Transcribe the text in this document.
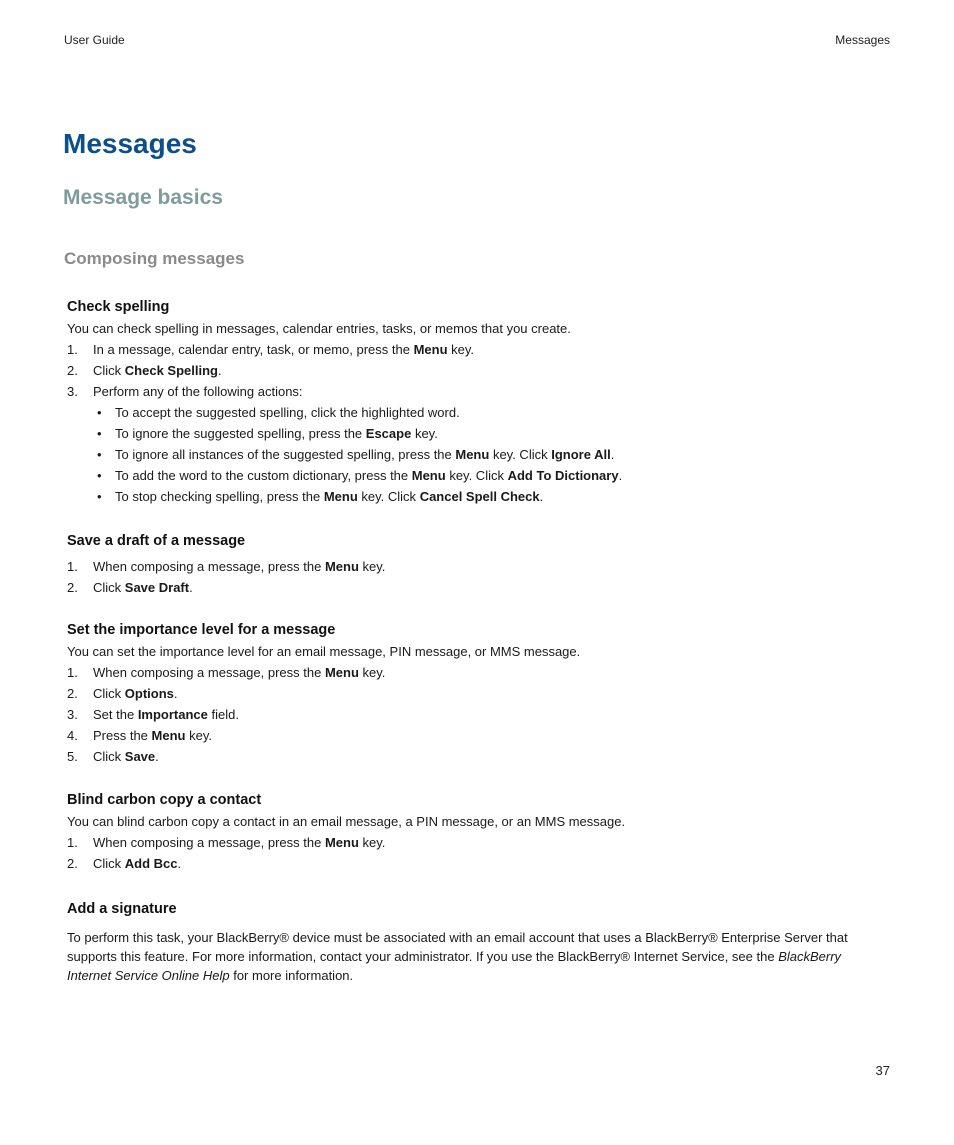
User Guide	Messages
Messages
Message basics
Composing messages
Check spelling
You can check spelling in messages, calendar entries, tasks, or memos that you create.
1. In a message, calendar entry, task, or memo, press the Menu key.
2. Click Check Spelling.
3. Perform any of the following actions:
• To accept the suggested spelling, click the highlighted word.
• To ignore the suggested spelling, press the Escape key.
• To ignore all instances of the suggested spelling, press the Menu key. Click Ignore All.
• To add the word to the custom dictionary, press the Menu key. Click Add To Dictionary.
• To stop checking spelling, press the Menu key. Click Cancel Spell Check.
Save a draft of a message
1. When composing a message, press the Menu key.
2. Click Save Draft.
Set the importance level for a message
You can set the importance level for an email message, PIN message, or MMS message.
1. When composing a message, press the Menu key.
2. Click Options.
3. Set the Importance field.
4. Press the Menu key.
5. Click Save.
Blind carbon copy a contact
You can blind carbon copy a contact in an email message, a PIN message, or an MMS message.
1. When composing a message, press the Menu key.
2. Click Add Bcc.
Add a signature
To perform this task, your BlackBerry® device must be associated with an email account that uses a BlackBerry® Enterprise Server that supports this feature. For more information, contact your administrator. If you use the BlackBerry® Internet Service, see the BlackBerry Internet Service Online Help for more information.
37
